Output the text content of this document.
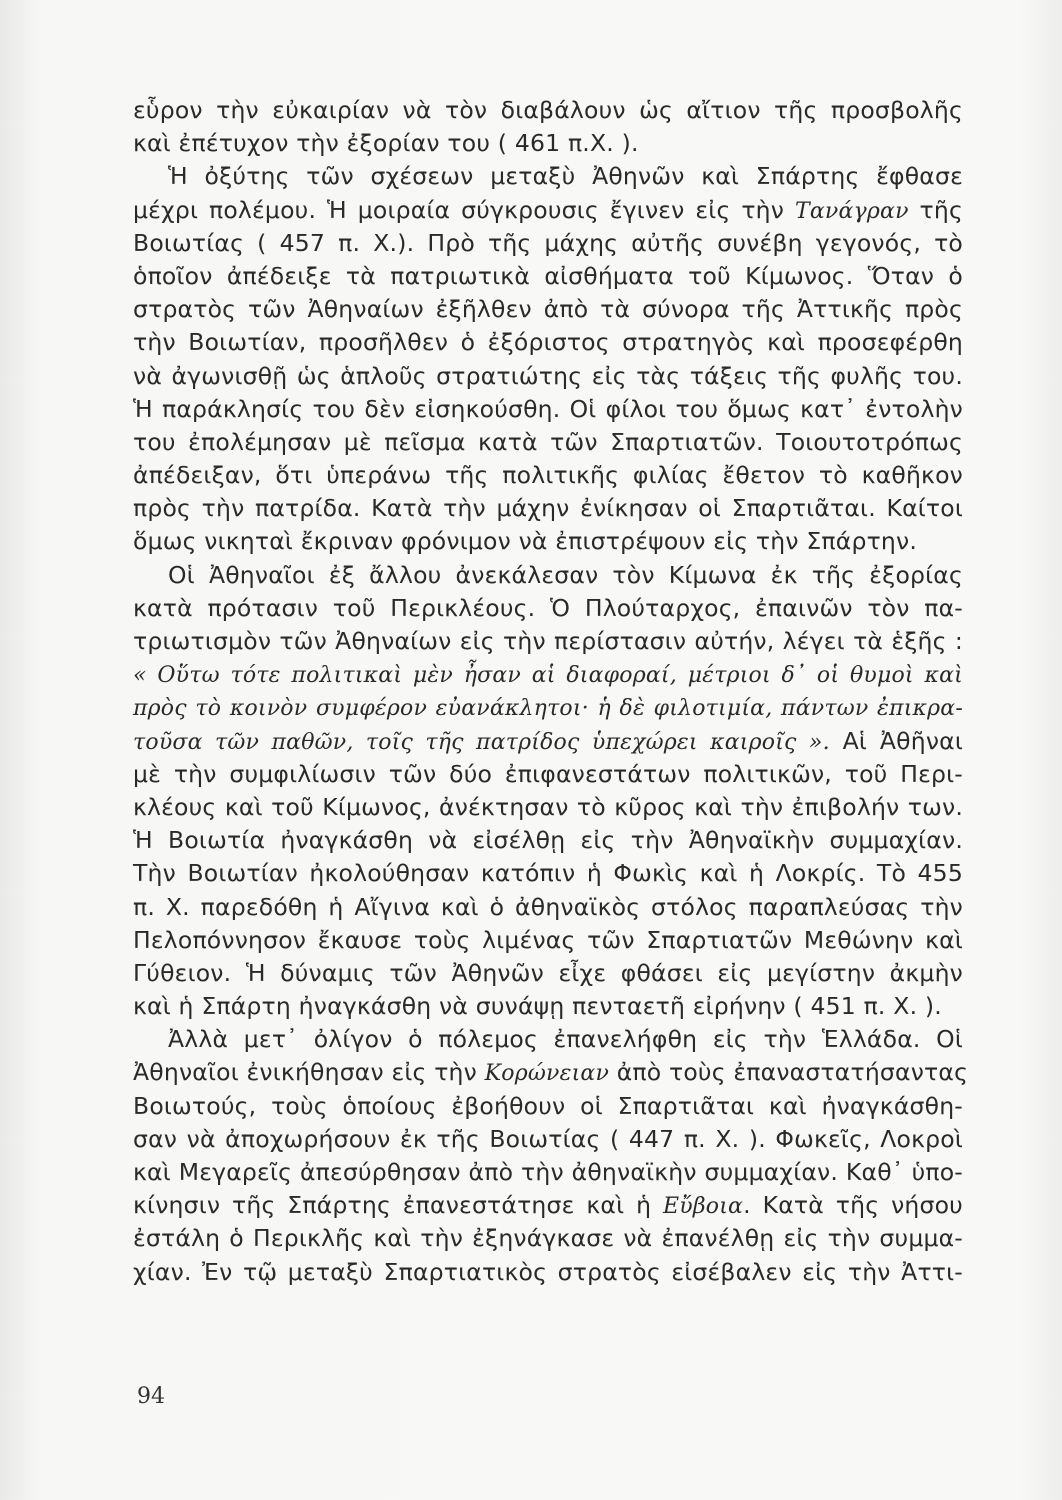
εὗρον τὴν εὐκαιρίαν νὰ τὸν διαβάλουν ὡς αἴτιον τῆς προσβολῆς
καὶ ἐπέτυχον τὴν ἐξορίαν του ( 461 π.Χ. ).
Ἡ ὀξύτης τῶν σχέσεων μεταξὺ Ἀθηνῶν καὶ Σπάρτης ἔφθασε
μέχρι πολέμου. Ἡ μοιραία σύγκρουσις ἔγινεν εἰς τὴν Τανάγραν τῆς
Βοιωτίας ( 457 π. Χ.). Πρὸ τῆς μάχης αὐτῆς συνέβη γεγονός, τὸ
ὁποῖον ἀπέδειξε τὰ πατριωτικὰ αἰσθήματα τοῦ Κίμωνος. Ὅταν ὁ
στρατὸς τῶν Ἀθηναίων ἐξῆλθεν ἀπὸ τὰ σύνορα τῆς Ἀττικῆς πρὸς
τὴν Βοιωτίαν, προσῆλθεν ὁ ἐξόριστος στρατηγὸς καὶ προσεφέρθη
νὰ ἀγωνισθῇ ὡς ἁπλοῦς στρατιώτης εἰς τὰς τάξεις τῆς φυλῆς του.
Ἡ παράκλησίς του δὲν εἰσηκούσθη. Οἱ φίλοι του ὅμως κατ᾿ ἐντολὴν
του ἐπολέμησαν μὲ πεῖσμα κατὰ τῶν Σπαρτιατῶν. Τοιουτοτρόπως
ἀπέδειξαν, ὅτι ὑπεράνω τῆς πολιτικῆς φιλίας ἔθετον τὸ καθῆκον
πρὸς τὴν πατρίδα. Κατὰ τὴν μάχην ἐνίκησαν οἱ Σπαρτιᾶται. Καίτοι
ὅμως νικηταὶ ἔκριναν φρόνιμον νὰ ἐπιστρέψουν εἰς τὴν Σπάρτην.
Οἱ Ἀθηναῖοι ἐξ ἄλλου ἀνεκάλεσαν τὸν Κίμωνα ἐκ τῆς ἐξορίας
κατὰ πρότασιν τοῦ Περικλέους. Ὁ Πλούταρχος, ἐπαινῶν τὸν πα-
τριωτισμὸν τῶν Ἀθηναίων εἰς τὴν περίστασιν αὐτήν, λέγει τὰ ἑξῆς :
« Οὕτω τότε πολιτικαὶ μὲν ἦσαν αἱ διαφοραί, μέτριοι δ᾿ οἱ θυμοὶ καὶ
πρὸς τὸ κοινὸν συμφέρον εὐανάκλητοι· ἡ δὲ φιλοτιμία, πάντων ἐπικρα-
τοῦσα τῶν παθῶν, τοῖς τῆς πατρίδος ὑπεχώρει καιροῖς ». Αἱ Ἀθῆναι
μὲ τὴν συμφιλίωσιν τῶν δύο ἐπιφανεστάτων πολιτικῶν, τοῦ Περι-
κλέους καὶ τοῦ Κίμωνος, ἀνέκτησαν τὸ κῦρος καὶ τὴν ἐπιβολήν των.
Ἡ Βοιωτία ἠναγκάσθη νὰ εἰσέλθῃ εἰς τὴν Ἀθηναϊκὴν συμμαχίαν.
Τὴν Βοιωτίαν ἠκολούθησαν κατόπιν ἡ Φωκὶς καὶ ἡ Λοκρίς. Τὸ 455
π. Χ. παρεδόθη ἡ Αἴγινα καὶ ὁ ἀθηναϊκὸς στόλος παραπλεύσας τὴν
Πελοπόννησον ἔκαυσε τοὺς λιμένας τῶν Σπαρτιατῶν Μεθώνην καὶ
Γύθειον. Ἡ δύναμις τῶν Ἀθηνῶν εἶχε φθάσει εἰς μεγίστην ἀκμὴν
καὶ ἡ Σπάρτη ἠναγκάσθη νὰ συνάψῃ πενταετῆ εἰρήνην ( 451 π. Χ. ).
Ἀλλὰ μετ᾿ ὀλίγον ὁ πόλεμος ἐπανελήφθη εἰς τὴν Ἑλλάδα. Οἱ
Ἀθηναῖοι ἐνικήθησαν εἰς τὴν Κορώνειαν ἀπὸ τοὺς ἐπαναστατήσαντας
Βοιωτούς, τοὺς ὁποίους ἐβοήθουν οἱ Σπαρτιᾶται καὶ ἠναγκάσθη-
σαν νὰ ἀποχωρήσουν ἐκ τῆς Βοιωτίας ( 447 π. Χ. ). Φωκεῖς, Λοκροὶ
καὶ Μεγαρεῖς ἀπεσύρθησαν ἀπὸ τὴν ἀθηναϊκὴν συμμαχίαν. Καθ᾿ ὑπο-
κίνησιν τῆς Σπάρτης ἐπανεστάτησε καὶ ἡ Εὔβοια. Κατὰ τῆς νήσου
ἐστάλη ὁ Περικλῆς καὶ τὴν ἐξηνάγκασε νὰ ἐπανέλθῃ εἰς τὴν συμμα-
χίαν. Ἐν τῷ μεταξὺ Σπαρτιατικὸς στρατὸς εἰσέβαλεν εἰς τὴν Ἀττι-
94
